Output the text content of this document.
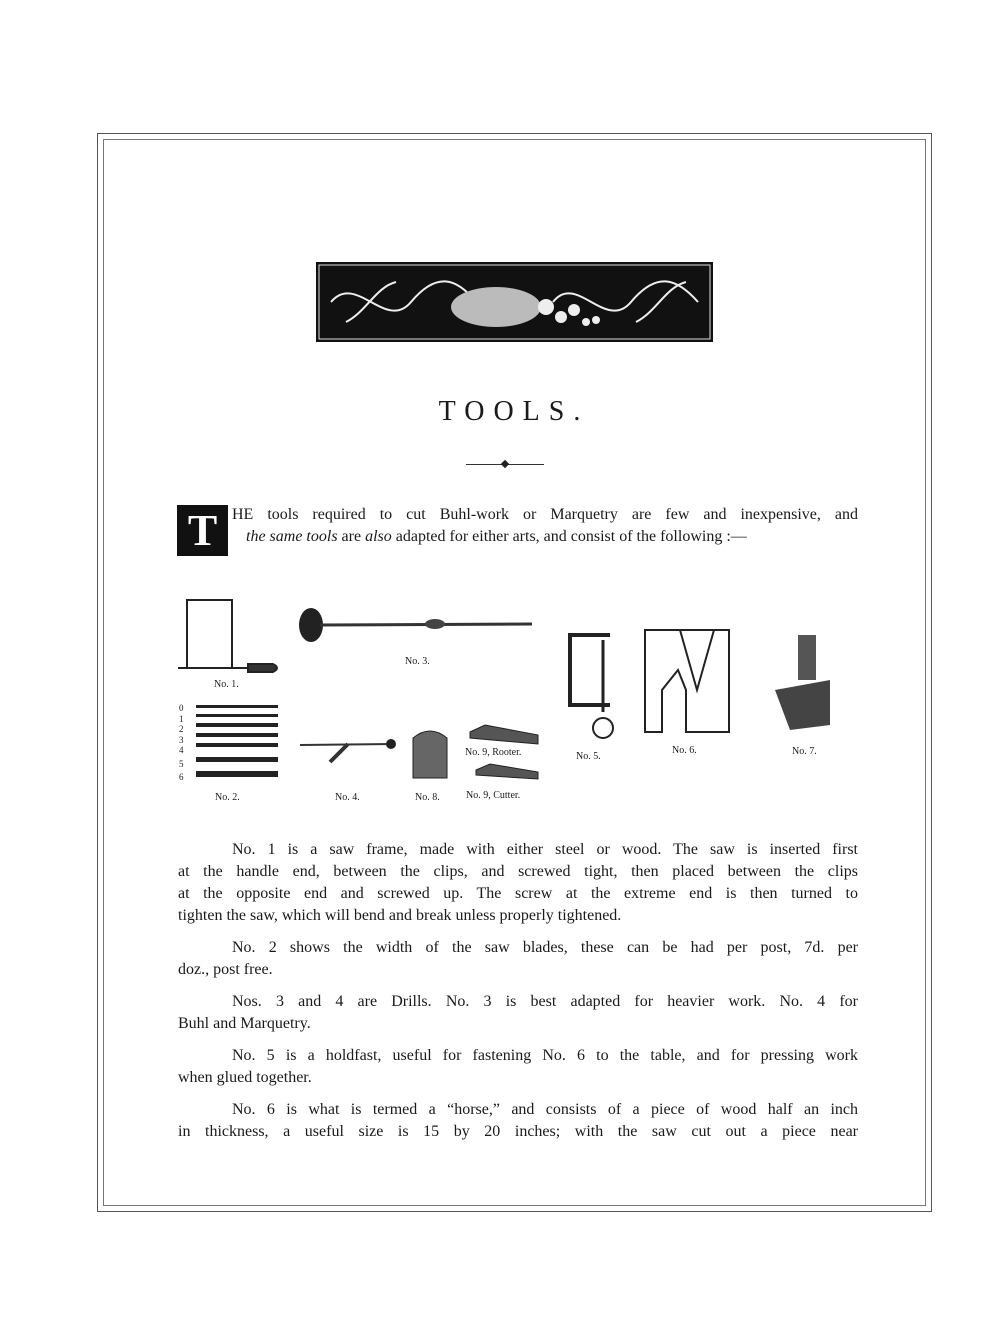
TOOLS.
T HE tools required to cut Buhl-work or Marquetry are few and inexpensive, and
the same tools are also adapted for either arts, and consist of the following :—
No. 1.
No. 3.
0
1
2
3
4
5
6
No. 2.	No. 4.	No. 8.
No. 9, Rooter.
No. 9, Cutter.
No. 5.
No. 6.	No. 7.
No. 1 is a saw frame, made with either steel or wood. The saw is inserted first
at the handle end, between the clips, and screwed tight, then placed between the clips
at the opposite end and screwed up. The screw at the extreme end is then turned to
tighten the saw, which will bend and break unless properly tightened.
No. 2 shows the width of the saw blades, these can be had per post, 7d. per
doz., post free.
Nos. 3 and 4 are Drills. No. 3 is best adapted for heavier work. No. 4 for
Buhl and Marquetry.
No. 5 is a holdfast, useful for fastening No. 6 to the table, and for pressing work
when glued together.
No. 6 is what is termed a “horse,” and consists of a piece of wood half an inch
in thickness, a useful size is 15 by 20 inches; with the saw cut out a piece near
